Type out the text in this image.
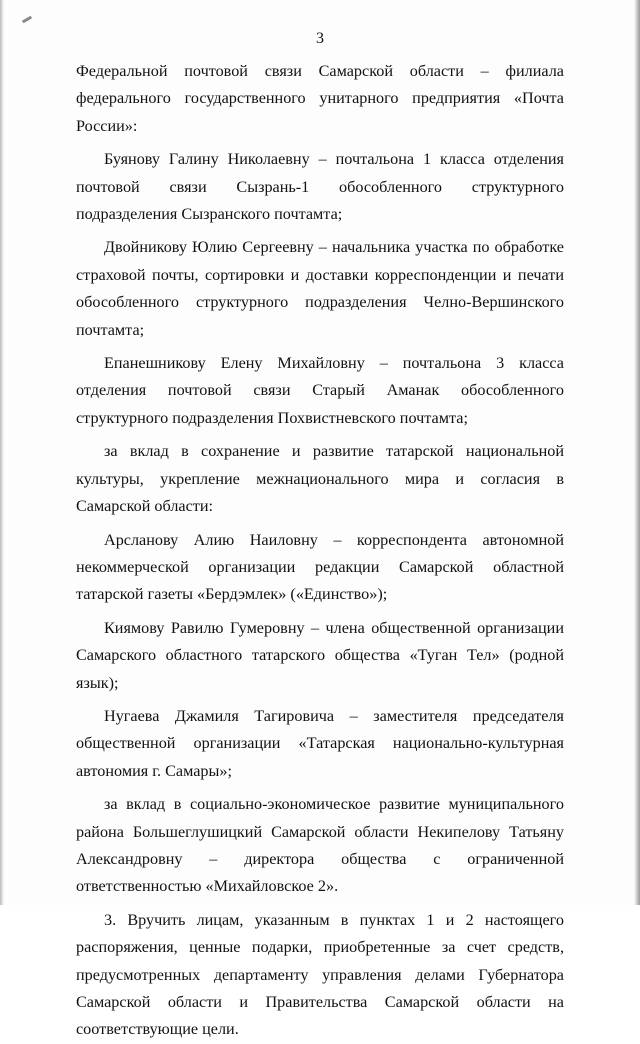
3

Федеральной почтовой связи Самарской области – филиала федерального государственного унитарного предприятия «Почта России»:

Буянову Галину Николаевну – почтальона 1 класса отделения почтовой связи Сызрань-1 обособленного структурного подразделения Сызранского почтамта;

Двойникову Юлию Сергеевну – начальника участка по обработке страховой почты, сортировки и доставки корреспонденции и печати обособленного структурного подразделения Челно-Вершинского почтамта;

Епанешникову Елену Михайловну – почтальона 3 класса отделения почтовой связи Старый Аманак обособленного структурного подразделения Похвистневского почтамта;

за вклад в сохранение и развитие татарской национальной культуры, укрепление межнационального мира и согласия в Самарской области:

Арсланову Алию Наиловну – корреспондента автономной некоммерческой организации редакции Самарской областной татарской газеты «Бердэмлек» («Единство»);

Киямову Равилю Гумеровну – члена общественной организации Самарского областного татарского общества «Туган Тел» (родной язык);

Нугаева Джамиля Тагировича – заместителя председателя общественной организации «Татарская национально-культурная автономия г. Самары»;

за вклад в социально-экономическое развитие муниципального района Большеглушицкий Самарской области Некипелову Татьяну Александровну – директора общества с ограниченной ответственностью «Михайловское 2».

3. Вручить лицам, указанным в пунктах 1 и 2 настоящего распоряжения, ценные подарки, приобретенные за счет средств, предусмотренных департаменту управления делами Губернатора Самарской области и Правительства Самарской области на соответствующие цели.
